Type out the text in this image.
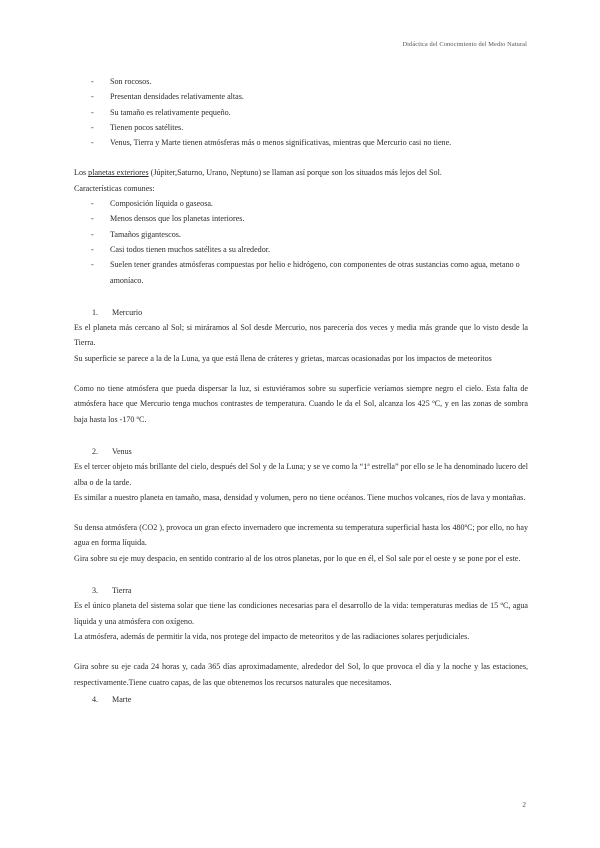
Didáctica del Conocimiento del Medio Natural
- Son rocosos.
- Presentan densidades relativamente altas.
- Su tamaño es relativamente pequeño.
- Tienen pocos satélites.
- Venus, Tierra y Marte tienen atmósferas más o menos significativas, mientras que Mercurio casi no tiene.

Los planetas exteriores (Júpiter,Saturno, Urano, Neptuno) se llaman así porque son los situados más lejos del Sol.

Características comunes:

- Composición líquida o gaseosa.
- Menos densos que los planetas interiores.
- Tamaños gigantescos.
- Casi todos tienen muchos satélites a su alrededor.
- Suelen tener grandes atmósferas compuestas por helio e hidrógeno, con componentes de otras sustancias como agua, metano o amoníaco.
1. Mercurio

Es el planeta más cercano al Sol; si miráramos al Sol desde Mercurio, nos parecería dos veces y media más grande que lo visto desde la Tierra.

Su superficie se parece a la de la Luna, ya que está llena de cráteres y grietas, marcas ocasionadas por los impactos de meteoritos

Como no tiene atmósfera que pueda dispersar la luz, si estuviéramos sobre su superficie veríamos siempre negro el cielo. Esta falta de atmósfera hace que Mercurio tenga muchos contrastes de temperatura. Cuando le da el Sol, alcanza los 425 ºC, y en las zonas de sombra baja hasta los -170 ºC.

2. Venus

Es el tercer objeto más brillante del cielo, después del Sol y de la Luna; y se ve como la “1ª estrella” por ello se le ha denominado lucero del alba o de la tarde.

Es similar a nuestro planeta en tamaño, masa, densidad y volumen, pero no tiene océanos. Tiene muchos volcanes, ríos de lava y montañas.

Su densa atmósfera (CO2 ), provoca un gran efecto invernadero que incrementa su temperatura superficial hasta los 480ºC; por ello, no hay agua en forma líquida.

Gira sobre su eje muy despacio, en sentido contrario al de los otros planetas, por lo que en él, el Sol sale por el oeste y se pone por el este.

3. Tierra

Es el único planeta del sistema solar que tiene las condiciones necesarias para el desarrollo de la vida: temperaturas medias de 15 ºC, agua líquida y una atmósfera con oxígeno.

La atmósfera, además de permitir la vida, nos protege del impacto de meteoritos y de las radiaciones solares perjudiciales.

Gira sobre su eje cada 24 horas y, cada 365 días aproximadamente, alrededor del Sol, lo que provoca el día y la noche y las estaciones, respectivamente.Tiene cuatro capas, de las que obtenemos los recursos naturales que necesitamos.

4. Marte
2
